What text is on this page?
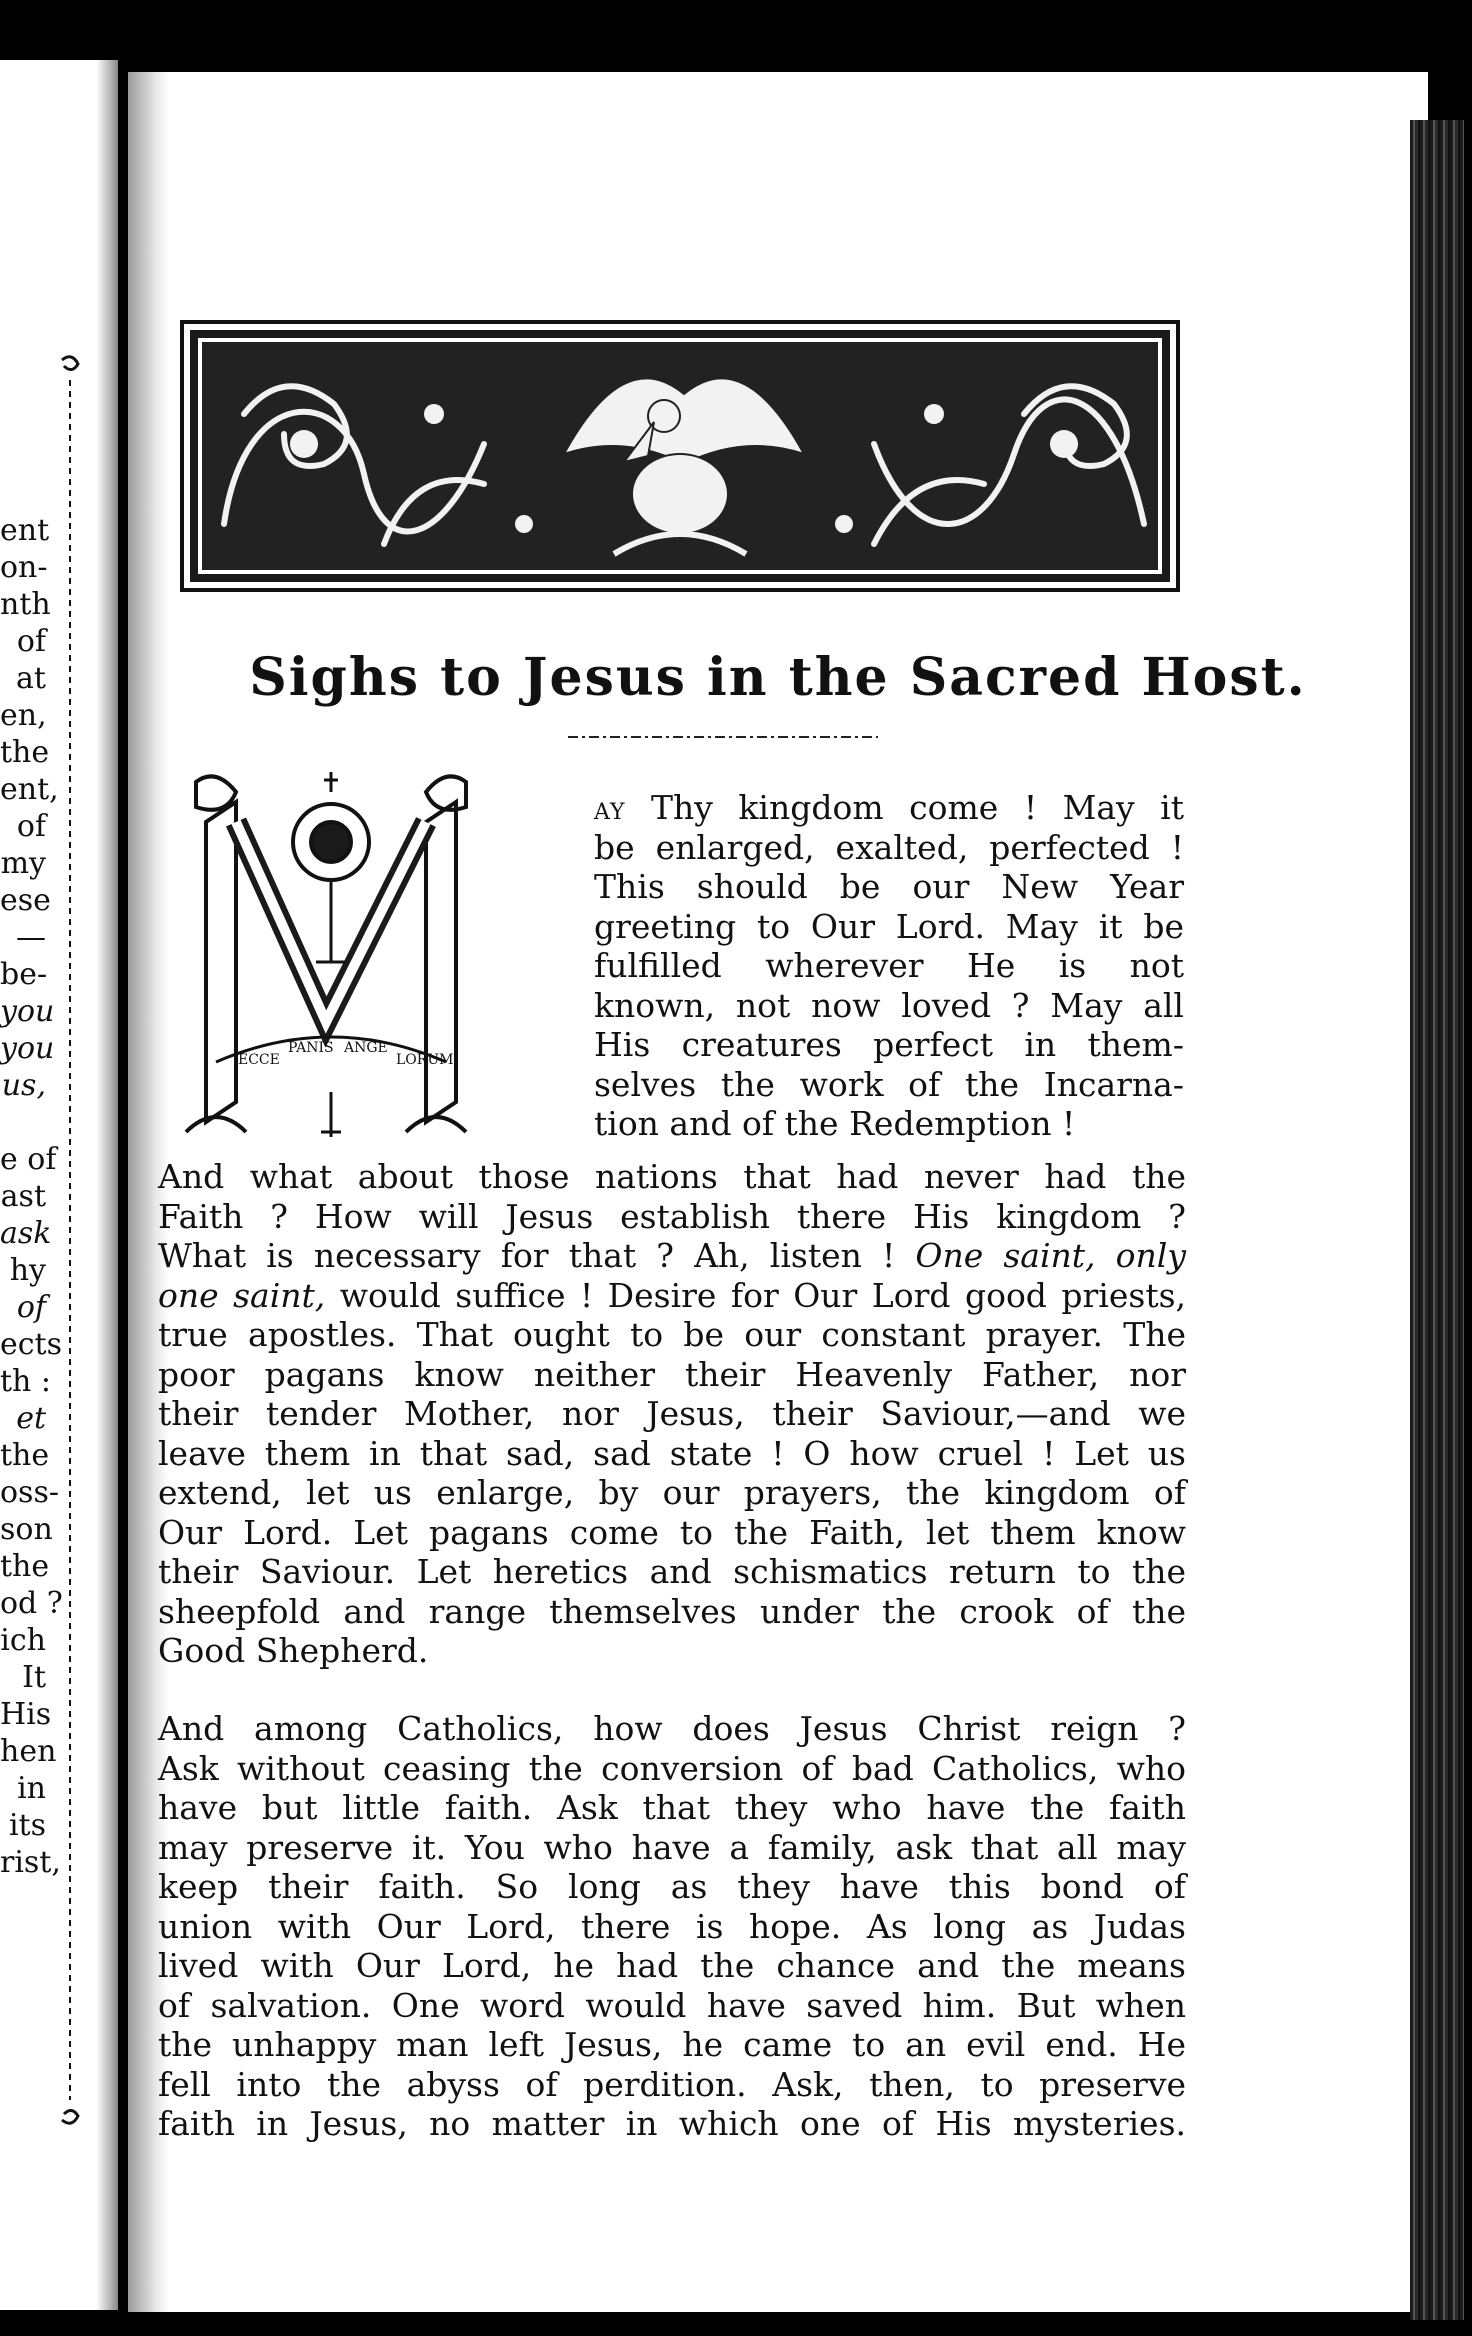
ent
on-
nth
of
at
en,
the
ent,
of
my
ese
—
be-
you
you
us,
e of
ast
ask
hy
of
ects
th :
et
the
oss-
son
the
od ?
ich
It
His
hen
in
its
rist,
Sighs to Jesus in the Sacred Host.
ECCE
PANIS ANGE
LORUM
AY Thy kingdom come ! May it
be enlarged, exalted, perfected !
This should be our New Year
greeting to Our Lord. May it be
fulfilled wherever He is not
known, not now loved ? May all
His creatures perfect in them-
selves the work of the Incarna-
tion and of the Redemption !
And what about those nations that had never had the
Faith ? How will Jesus establish there His kingdom ?
What is necessary for that ? Ah, listen ! One saint, only
one saint, would suffice ! Desire for Our Lord good priests,
true apostles. That ought to be our constant prayer. The
poor pagans know neither their Heavenly Father, nor
their tender Mother, nor Jesus, their Saviour,—and we
leave them in that sad, sad state ! O how cruel ! Let us
extend, let us enlarge, by our prayers, the kingdom of
Our Lord. Let pagans come to the Faith, let them know
their Saviour. Let heretics and schismatics return to the
sheepfold and range themselves under the crook of the
Good Shepherd.
And among Catholics, how does Jesus Christ reign ?
Ask without ceasing the conversion of bad Catholics, who
have but little faith. Ask that they who have the faith
may preserve it. You who have a family, ask that all may
keep their faith. So long as they have this bond of
union with Our Lord, there is hope. As long as Judas
lived with Our Lord, he had the chance and the means
of salvation. One word would have saved him. But when
the unhappy man left Jesus, he came to an evil end. He
fell into the abyss of perdition. Ask, then, to preserve
faith in Jesus, no matter in which one of His mysteries.
